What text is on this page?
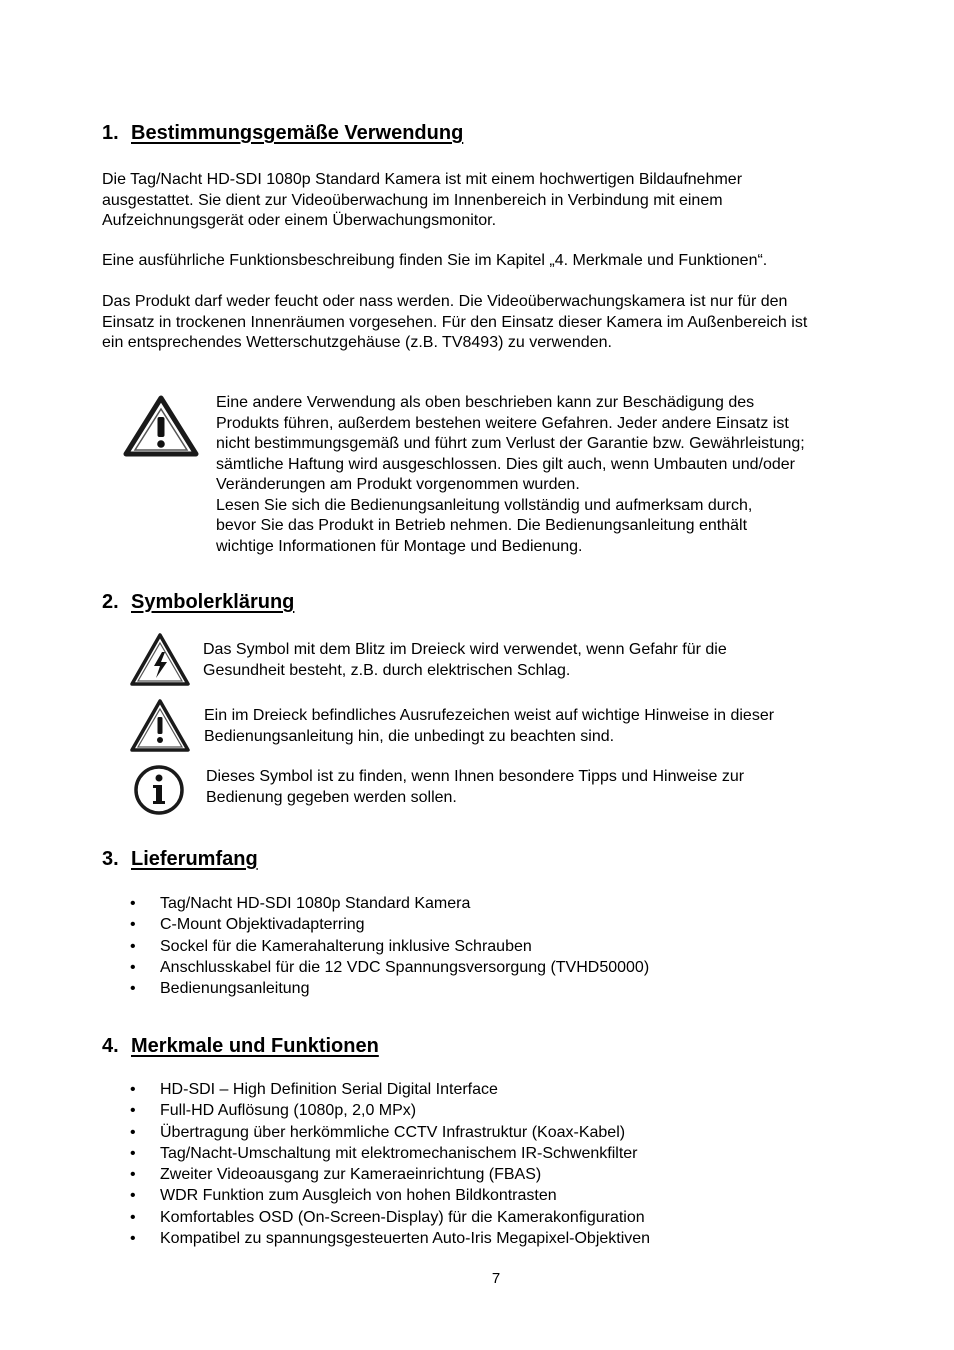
1. Bestimmungsgemäße Verwendung

Die Tag/Nacht HD-SDI 1080p Standard Kamera ist mit einem hochwertigen Bildaufnehmer
ausgestattet. Sie dient zur Videoüberwachung im Innenbereich in Verbindung mit einem
Aufzeichnungsgerät oder einem Überwachungsmonitor.

Eine ausführliche Funktionsbeschreibung finden Sie im Kapitel „4. Merkmale und Funktionen“.

Das Produkt darf weder feucht oder nass werden. Die Videoüberwachungskamera ist nur für den
Einsatz in trockenen Innenräumen vorgesehen. Für den Einsatz dieser Kamera im Außenbereich ist
ein entsprechendes Wetterschutzgehäuse (z.B. TV8493) zu verwenden.

Eine andere Verwendung als oben beschrieben kann zur Beschädigung des
Produkts führen, außerdem bestehen weitere Gefahren. Jeder andere Einsatz ist
nicht bestimmungsgemäß und führt zum Verlust der Garantie bzw. Gewährleistung;
sämtliche Haftung wird ausgeschlossen. Dies gilt auch, wenn Umbauten und/oder
Veränderungen am Produkt vorgenommen wurden.
Lesen Sie sich die Bedienungsanleitung vollständig und aufmerksam durch,
bevor Sie das Produkt in Betrieb nehmen. Die Bedienungsanleitung enthält
wichtige Informationen für Montage und Bedienung.

2. Symbolerklärung

Das Symbol mit dem Blitz im Dreieck wird verwendet, wenn Gefahr für die
Gesundheit besteht, z.B. durch elektrischen Schlag.

Ein im Dreieck befindliches Ausrufezeichen weist auf wichtige Hinweise in dieser
Bedienungsanleitung hin, die unbedingt zu beachten sind.

Dieses Symbol ist zu finden, wenn Ihnen besondere Tipps und Hinweise zur
Bedienung gegeben werden sollen.

3. Lieferumfang
• Tag/Nacht HD-SDI 1080p Standard Kamera
• C-Mount Objektivadapterring
• Sockel für die Kamerahalterung inklusive Schrauben
• Anschlusskabel für die 12 VDC Spannungsversorgung (TVHD50000)
• Bedienungsanleitung
4. Merkmale und Funktionen
• HD-SDI – High Definition Serial Digital Interface
• Full-HD Auflösung (1080p, 2,0 MPx)
• Übertragung über herkömmliche CCTV Infrastruktur (Koax-Kabel)
• Tag/Nacht-Umschaltung mit elektromechanischem IR-Schwenkfilter
• Zweiter Videoausgang zur Kameraeinrichtung (FBAS)
• WDR Funktion zum Ausgleich von hohen Bildkontrasten
• Komfortables OSD (On-Screen-Display) für die Kamerakonfiguration
• Kompatibel zu spannungsgesteuerten Auto-Iris Megapixel-Objektiven
7
